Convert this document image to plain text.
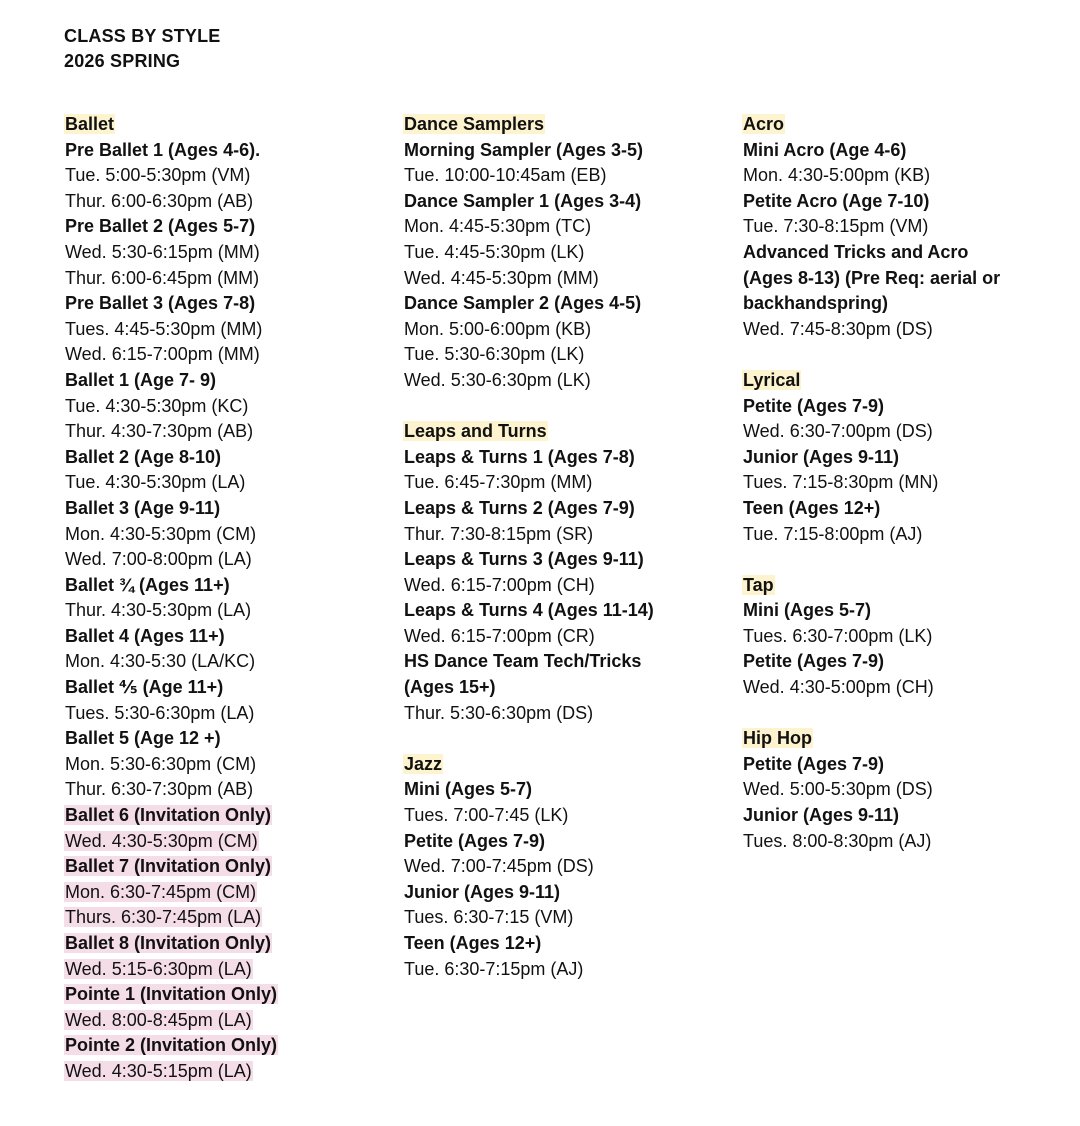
CLASS BY STYLE
2026 SPRING
Ballet
Pre Ballet 1 (Ages 4-6).
Tue. 5:00-5:30pm (VM)
Thur. 6:00-6:30pm (AB)
Pre Ballet 2 (Ages 5-7)
Wed. 5:30-6:15pm (MM)
Thur. 6:00-6:45pm (MM)
Pre Ballet 3 (Ages 7-8)
Tues. 4:45-5:30pm (MM)
Wed. 6:15-7:00pm (MM)
Ballet 1 (Age 7- 9)
Tue. 4:30-5:30pm (KC)
Thur. 4:30-7:30pm (AB)
Ballet 2 (Age 8-10)
Tue. 4:30-5:30pm (LA)
Ballet 3 (Age 9-11)
Mon. 4:30-5:30pm (CM)
Wed. 7:00-8:00pm (LA)
Ballet ¾ (Ages 11+)
Thur. 4:30-5:30pm (LA)
Ballet 4 (Ages 11+)
Mon. 4:30-5:30 (LA/KC)
Ballet ⅘ (Age 11+)
Tues. 5:30-6:30pm (LA)
Ballet 5 (Age 12 +)
Mon. 5:30-6:30pm (CM)
Thur. 6:30-7:30pm (AB)
Ballet 6 (Invitation Only)
Wed. 4:30-5:30pm (CM)
Ballet 7 (Invitation Only)
Mon. 6:30-7:45pm (CM)
Thurs. 6:30-7:45pm (LA)
Ballet 8 (Invitation Only)
Wed. 5:15-6:30pm (LA)
Pointe 1 (Invitation Only)
Wed. 8:00-8:45pm (LA)
Pointe 2 (Invitation Only)
Wed. 4:30-5:15pm (LA)
Dance Samplers
Morning Sampler (Ages 3-5)
Tue. 10:00-10:45am (EB)
Dance Sampler 1 (Ages 3-4)
Mon. 4:45-5:30pm (TC)
Tue. 4:45-5:30pm (LK)
Wed. 4:45-5:30pm (MM)
Dance Sampler 2 (Ages 4-5)
Mon. 5:00-6:00pm (KB)
Tue. 5:30-6:30pm (LK)
Wed. 5:30-6:30pm (LK)
Leaps and Turns
Leaps & Turns 1 (Ages 7-8)
Tue. 6:45-7:30pm (MM)
Leaps & Turns 2 (Ages 7-9)
Thur. 7:30-8:15pm (SR)
Leaps & Turns 3 (Ages 9-11)
Wed. 6:15-7:00pm (CH)
Leaps & Turns 4 (Ages 11-14)
Wed. 6:15-7:00pm (CR)
HS Dance Team Tech/Tricks
(Ages 15+)
Thur. 5:30-6:30pm (DS)
Jazz
Mini (Ages 5-7)
Tues. 7:00-7:45 (LK)
Petite (Ages 7-9)
Wed. 7:00-7:45pm (DS)
Junior (Ages 9-11)
Tues. 6:30-7:15 (VM)
Teen (Ages 12+)
Tue. 6:30-7:15pm (AJ)
Acro
Mini Acro (Age 4-6)
Mon. 4:30-5:00pm (KB)
Petite Acro (Age 7-10)
Tue. 7:30-8:15pm (VM)
Advanced Tricks and Acro
(Ages 8-13) (Pre Req: aerial or
backhandspring)
Wed. 7:45-8:30pm (DS)
Lyrical
Petite (Ages 7-9)
Wed. 6:30-7:00pm (DS)
Junior (Ages 9-11)
Tues. 7:15-8:30pm (MN)
Teen (Ages 12+)
Tue. 7:15-8:00pm (AJ)
Tap
Mini (Ages 5-7)
Tues. 6:30-7:00pm (LK)
Petite (Ages 7-9)
Wed. 4:30-5:00pm (CH)
Hip Hop
Petite (Ages 7-9)
Wed. 5:00-5:30pm (DS)
Junior (Ages 9-11)
Tues. 8:00-8:30pm (AJ)
